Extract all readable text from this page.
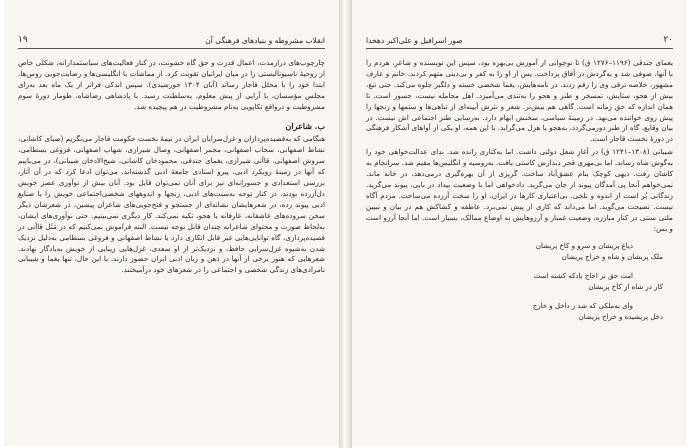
۱۹	انقلاب مشروطه و بنیادهای فرهنگی آن

چارچوب‌های درازمدت، اعمال قدرت و حق گاه خشونت، در کنار فعالیت‌های سیاستمدارانه، شکلی خاص از روحیهٔ ناسیونالیستی را در میان ایرانیان تقویت کرد. از مماشات با انگلیسی‌ها و رضایت‌جویی روس‌ها، ابتدا خود را با محلل قاجار رساند (آبان ۱۳۰۴ خورشیدی). سپس اندکی فراتر از یک ماه بعد به‌رای مجلس مؤسسان، با آرایی از پیش معلوم، به‌سلطنت رسید. با پادشاهی رضاشاه، طومار دورهٔ سوم مشروطیت و درواقع تکاپویی به‌نام مشروطیت در هم پیچیده شد.

ب. شاعران

هنگامی که به‌قصیده‌پردازان و غزل‌سرایان ایران در نیمهٔ نخست حکومت قاجار می‌نگریم (صبای کاشانی، نشاط اصفهانی، سحاب اصفهانی، مجمر اصفهانی، وصال شیرازی، شهاب اصفهانی، فروغی بسطامی، سروش اصفهانی، قاآنی شیرازی، یغمای جندقی، محمودخان کاشانی، شیخ‌الادخان شیبانی)، در می‌یابیم که آنها در زمینهٔ رویکرد ادبی، پیرو استادی جامعهٔ ادبی گذشته‌اند. می‌توان ادعا کرد که در آن آثار، بررسی استعدادی و جسورانه‌ای نیز برای آنان نمی‌توان قایل بود. آنان بیش از نوآوری عصر خویش دل‌آزرده بودند. در کنار توجه به‌سنت‌های ادبی، رنجها و اندوههای شخصی‌اجتماعی خویش را با صنایع ادبی پیوند زده، در شعرهایشان نشانه‌ای از جستجو و فتح‌جویی‌های شاعران پیشین، در شعرشان دیگر سخن سروده‌های عاشقانه، عارفانه یا هجو، تکیه نمی‌کند. کار دیگری نمی‌بینیم. حتی نوآوری‌های ایشان، به‌لحاظ صورت و محتوای شاعرانه چندان قابل توجه نیست. البته فراموش نمی‌کنیم که در مَثَل قاآنی در قصیده‌پردازی، گاه توانایی‌هایی غیر قابل انکاری دارد یا نشاط اصفهانی و فروغی بسطامی به‌دلیل نزدیک شدن به‌شیوه غزل‌سرایی حافظ، و نزدیک‌تر از او سعدی، غزل‌هایی زیبایی از خویش به‌یادگار نهادند. شعرهایی که هنوز برخی از آنها در ذهن و زبان ادبی ایران حضور دارند. با این حال، تنها یغما و شیبانی نامرادی‌های زندگی شخصی و اجتماعی را در شعرهای خود درآمیختند.

۲۰
صور اسرافیل و علی‌اکبر دهخدا

یغمای جندقی (۱۱۹۶–۱۲۷۶ ق) تا نوجوانی از آموزش بی‌بهره بود، سپس این نویسنده و شاعر، هردم را با آنها، صوفی شد و به‌گردش در آفاق پرداخت. پس از او را به کفر و بی‌دینی متهم کردند. خانم و عارف مشهور، خلاصه ترقی وی را رقم زدند. در نامه‌هایش، یغما شخصی خسته و دلگیر جلوه می‌کند. حتی تیغ، بیش از هجو، ستایش، تمسخر و طنز و هجو را به‌تندی می‌آمیزد. اهل مجامله نیست، جسور است. تا همان اندازه که حق زمانه است. گاهی هم بیش‌تر. شعر و نثرش آیینه‌ای از تباهی‌ها و ستمها و رنجها را پیش روی خواننده می‌نهد. در زمینهٔ سیاسی، سخنش ابهام دارد. به‌رسایی طنز اجتماعی اش نیست. در بیان وقایع، گاه از طنز دورمی‌گردد، به‌هجو یا هزل می‌گراید. با این همه، او یکی از آواهای آشکار فرهنگی در دورهٔ نخست قاجار است.

شیبانی (۱۳۰۸–۱۲۴۱ ق) در آغاز شغل دولتی داشت. اما به‌کناری رانده شد. ندای عدالت‌خواهی خود را به‌گوش شاه رساند. اما بی‌مهری قجر دیدارش کاستی یافت. به‌روسیه و انگلیس‌ها مقیم شد. سرانجام به کاشان رفت. دیهی کوچک بنام عشق‌آباد ساخت. گریزی از آن بهره‌گیری درمی‌دهد، در خانه ماند. نمی‌خواهم آنجا پی آمدگان پیوند از جان می‌گرید. دادخواهی اما با وضعیت بیداد در بابی، پیوند می‌گرید. زندگانی پُر است از اندوه و تلخی. بی‌اعتباری کارها در ایران، او را سخت آزرده می‌ساخت. مردم آگاه نیست. تصیحت می‌گوید. اما می‌داند که کاری از پیش نمی‌برد. عاطفه و کشاکش هم در بیان و تبیین ملتی سنتی در کنار مبارزه، وضعیت غمبار و آرزوهایش به اوضاع ممالک، بسیار است. اما آنجا آرزو است و بس:

دیاغ پریشان و سرو و کاخ پریشان
ملک پریشان و شاه و خراج پریشان
امت حق بر اجاج بادکه کشته است
کار در شاه از کاخ پریشان
وای به‌ملکی که شد ز داخل و خارج
دخل پریشیده و خراج پریشان
